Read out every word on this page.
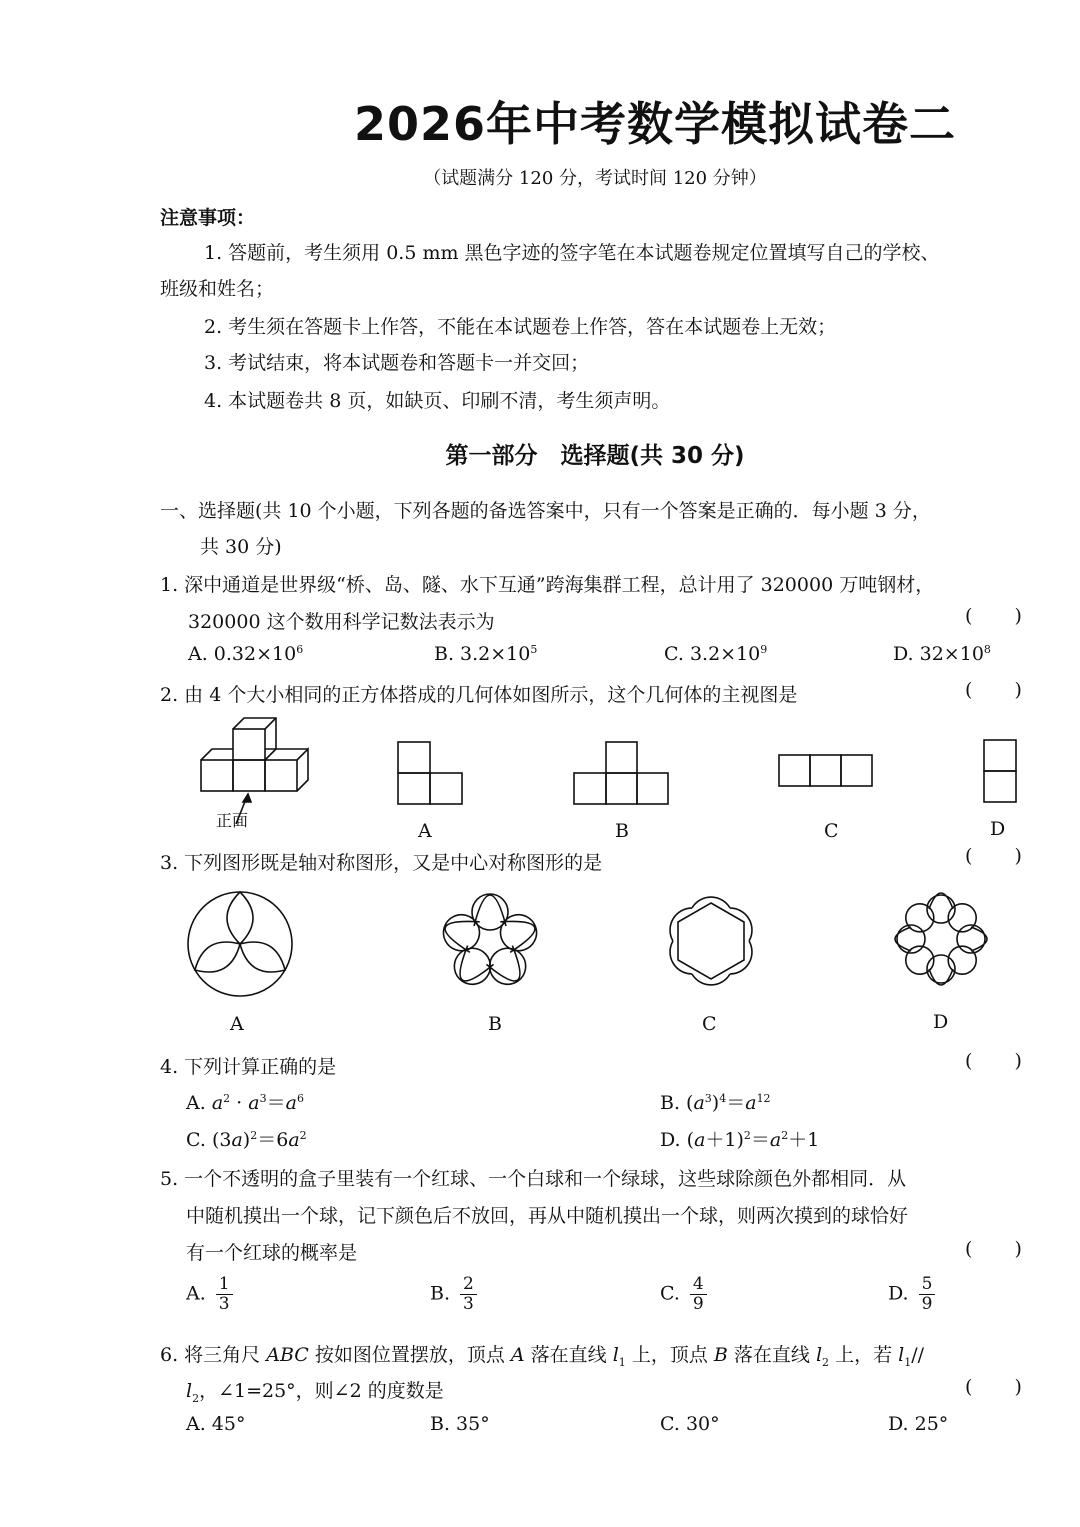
2026年中考数学模拟试卷二
（试题满分 120 分，考试时间 120 分钟）
注意事项：
1. 答题前，考生须用 0.5 mm 黑色字迹的签字笔在本试题卷规定位置填写自己的学校、
班级和姓名；
2. 考生须在答题卡上作答，不能在本试题卷上作答，答在本试题卷上无效；
3. 考试结束，将本试题卷和答题卡一并交回；
4. 本试题卷共 8 页，如缺页、印刷不清，考生须声明。
第一部分　选择题(共 30 分)
一、选择题(共 10 个小题，下列各题的备选答案中，只有一个答案是正确的．每小题 3 分，
共 30 分)
1. 深中通道是世界级“桥、岛、隧、水下互通”跨海集群工程，总计用了 320000 万吨钢材，
320000 这个数用科学记数法表示为	( )
A. $0.32\times 10^6$	B. $3.2\times 10^5$	C. $3.2\times 10^9$	D. $32\times 10^8$
2. 由 4 个大小相同的正方体搭成的几何体如图所示，这个几何体的主视图是	( )
正面	A	B	C	D
3. 下列图形既是轴对称图形，又是中心对称图形的是	( )
A	B	C	D
4. 下列计算正确的是	( )
A. $a^2 \cdot a^3=a^6$	B. $(a^3)^4=a^{12}$
C. $(3a)^2=6a^2$	D. $(a+1)^2=a^2+1$
5. 一个不透明的盒子里装有一个红球、一个白球和一个绿球，这些球除颜色外都相同．从
中随机摸出一个球，记下颜色后不放回，再从中随机摸出一个球，则两次摸到的球恰好
有一个红球的概率是	( )
A. $\frac{1}{3}$	B. $\frac{2}{3}$	C. $\frac{4}{9}$	D. $\frac{5}{9}$
6. 将三角尺 ABC 按如图位置摆放，顶点 A 落在直线 $l_1$ 上，顶点 B 落在直线 $l_2$ 上，若 $l_1//$
$l_2$，∠1=25°，则∠2 的度数是	( )
A. 45°	B. 35°	C. 30°	D. 25°
